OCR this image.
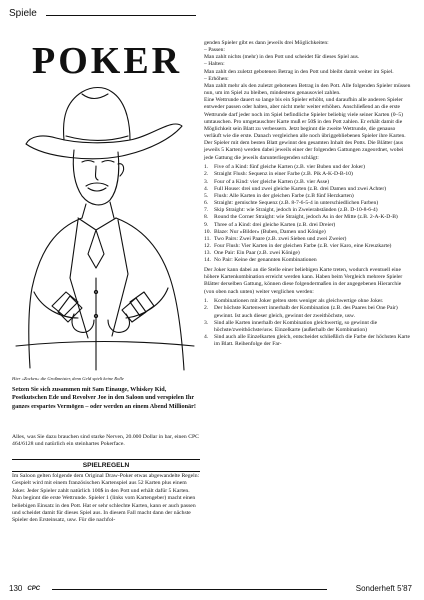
Spiele
POKER
Hier »Zocken« die Großmeister, denn Geld spielt keine Rolle

Setzen Sie sich zusammen mit Sam Einauge, Whiskey Kid, Postkutschen Ede und Revolver Joe in den Saloon und verspielen Ihr ganzes erspartes Vermögen – oder werden an einem Abend Millionär!

Alles, was Sie dazu brauchen sind starke Nerven, 20.000 Dollar in bar, einen CPC 464/6128 und natürlich ein steinhartes Pokerface.

SPIELREGELN

Im Saloon gelten folgende dem Original Draw-Poker etwas abgewandelte Regeln: Gespielt wird mit einem französischen Kartenspiel aus 52 Karten plus einem Joker. Jeder Spieler zahlt natürlich 100$ in den Pott und erhält dafür 5 Karten. Nun beginnt die erste Wettrunde. Spieler 1 (links vom Kartengeber) macht einen beliebigen Einsatz in den Pott. Hat er sehr schlechte Karten, kann er auch passen und scheidet damit für dieses Spiel aus. In diesem Fall macht dann der nächste Spieler den Ersteinsatz, usw. Für die nachfol-

genden Spieler gibt es dann jeweils drei Möglichkeiten:

– Passen:

Man zahlt nichts (mehr) in den Pott und scheidet für dieses Spiel aus.

– Halten:

Man zahlt den zuletzt gebotenen Betrag in den Pott und bleibt damit weiter im Spiel.

– Erhöhen:

Man zahlt mehr als den zuletzt gebotenen Betrag in den Pott. Alle folgenden Spieler müssen nun, um im Spiel zu bleiben, mindestens genausoviel zahlen.

Eine Wettrunde dauert so lange bis ein Spieler erhöht, und daraufhin alle anderen Spieler entweder passen oder halten, aber nicht mehr weiter erhöhen. Anschließend an die erste Wettrunde darf jeder noch im Spiel befindliche Spieler beliebig viele seiner Karten (0–5) umtauschen. Pro umgetauschter Karte muß er 50$ in den Pott zahlen. Er erhält damit die Möglichkeit sein Blatt zu verbessern. Jetzt beginnt die zweite Wettrunde, die genauso verläuft wie die erste. Danach vergleichen alle noch übriggebliebenen Spieler ihre Karten. Der Spieler mit dem besten Blatt gewinnt den gesamten Inhalt des Potts. Die Blätter (aus jeweils 5 Karten) werden dabei jeweils einer der folgenden Gattungen zugeordnet, wobei jede Gattung die jeweils darunterliegenden schlägt:

1.	Five of a Kind: fünf gleiche Karten (z.B. vier Buben und der Joker)
2.	Straight Flush: Sequenz in einer Farbe (z.B. Pik A-K-D-B-10)
3.	Four of a Kind: vier gleiche Karten (z.B. vier Asse)
4.	Full House: drei und zwei gleiche Karten (z.B. drei Damen und zwei Achter)
5.	Flush: Alle Karten in der gleichen Farbe (z.B fünf Herzkarten)
6.	Straight: gemischte Sequenz (z.B. 8-7-6-5-4 in unterschiedlichen Farben)
7.	Skip Straight: wie Straight, jedoch in Zweierabständen (z.B. D-10-8-6-4)
8.	Round the Corner Straight: wie Straight, jedoch As in der Mitte (z.B. 2-A-K-D-B)
9.	Three of a Kind: drei gleiche Karten (z.B. drei Dreier)
10. Blaze: Nur »Bilder« (Buben, Damen und Könige)
11. Two Pairs: Zwei Paare (z.B. zwei Sieben und zwei Zweier)
12. Four Flush: Vier Karten in der gleichen Farbe (z.B. vier Karo, eine Kreuzkarte)
13. One Pair: Ein Paar (z.B. zwei Könige)
14. No Pair: Keine der genannten Kombinationen

Der Joker kann dabei an die Stelle einer beliebigen Karte treten, wodurch eventuell eine höhere Kartenkombination erreicht werden kann. Haben beim Vergleich mehrere Spieler Blätter derselben Gattung, können diese folgendermaßen in der angegebenen Hierarchie (von oben nach unten) weiter verglichen werden:

1.	Kombinationen mit Joker gelten stets weniger als gleichwertige ohne Joker.
2.	Der höchste Kartenwert innerhalb der Kombination (z.B. des Paares bei One Pair) gewinnt. Ist auch dieser gleich, gewinnt der zweithöchste, usw.
3.	Sind alle Karten innerhalb der Kombination gleichwertig, so gewinnt die höchste/zweithöchste/usw. Einzelkarte (außerhalb der Kombination)
4.	Sind auch alle Einzelkarten gleich, entscheidet schließlich die Farbe der höchsten Karte im Blatt. Reihenfolge der Far-
130 CPC	Sonderheft 5'87
